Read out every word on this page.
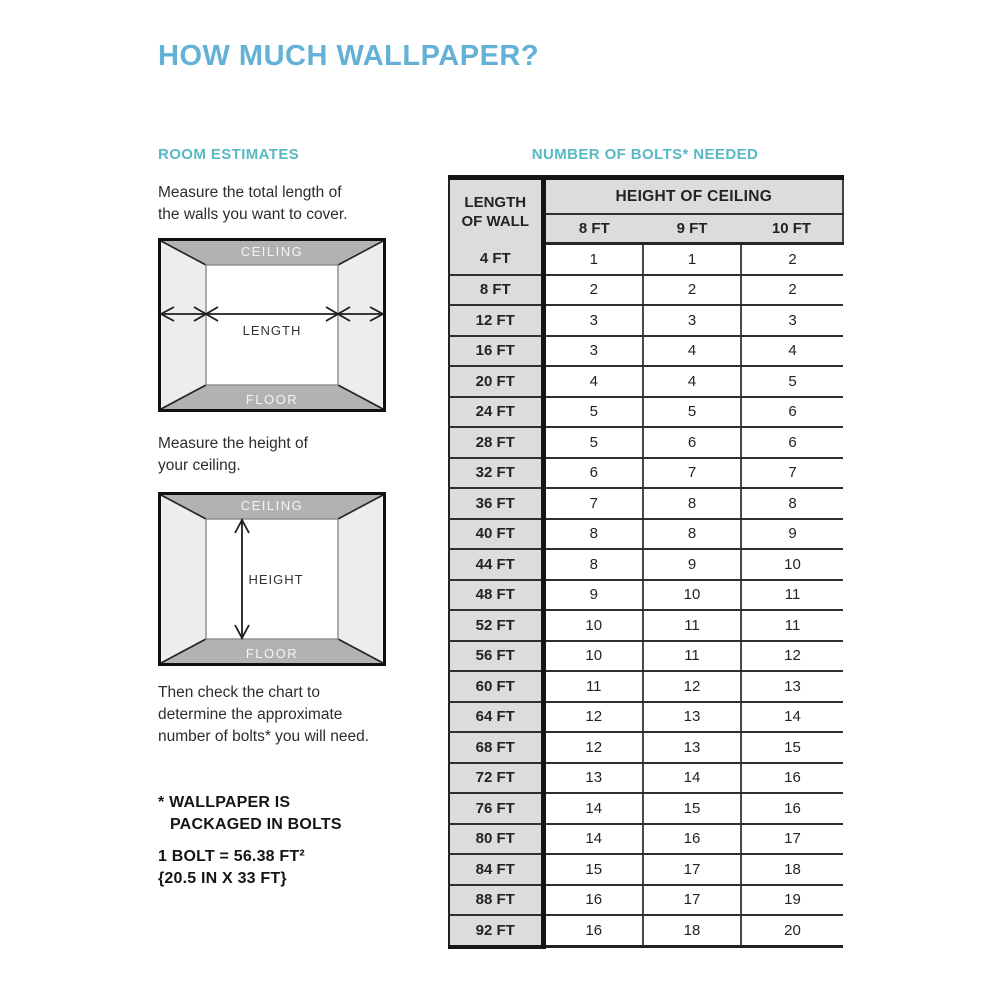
HOW MUCH WALLPAPER?
ROOM ESTIMATES

Measure the total length of
the walls you want to cover.

CEILING
FLOOR
LENGTH

Measure the height of
your ceiling.

CEILING
FLOOR
HEIGHT

Then check the chart to
determine the approximate
number of bolts* you will need.

* WALLPAPER IS
PACKAGED IN BOLTS

1 BOLT = 56.38 FT²
{20.5 IN X 33 FT}

NUMBER OF BOLTS* NEEDED
LENGTH
OF WALL	HEIGHT OF CEILING		
	8 FT	9 FT	10 FT
4 FT	1	1	2
8 FT	2	2	2
12 FT	3	3	3
16 FT	3	4	4
20 FT	4	4	5
24 FT	5	5	6
28 FT	5	6	6
32 FT	6	7	7
36 FT	7	8	8
40 FT	8	8	9
44 FT	8	9	10
48 FT	9	10	11
52 FT	10	11	11
56 FT	10	11	12
60 FT	11	12	13
64 FT	12	13	14
68 FT	12	13	15
72 FT	13	14	16
76 FT	14	15	16
80 FT	14	16	17
84 FT	15	17	18
88 FT	16	17	19
92 FT	16	18	20
